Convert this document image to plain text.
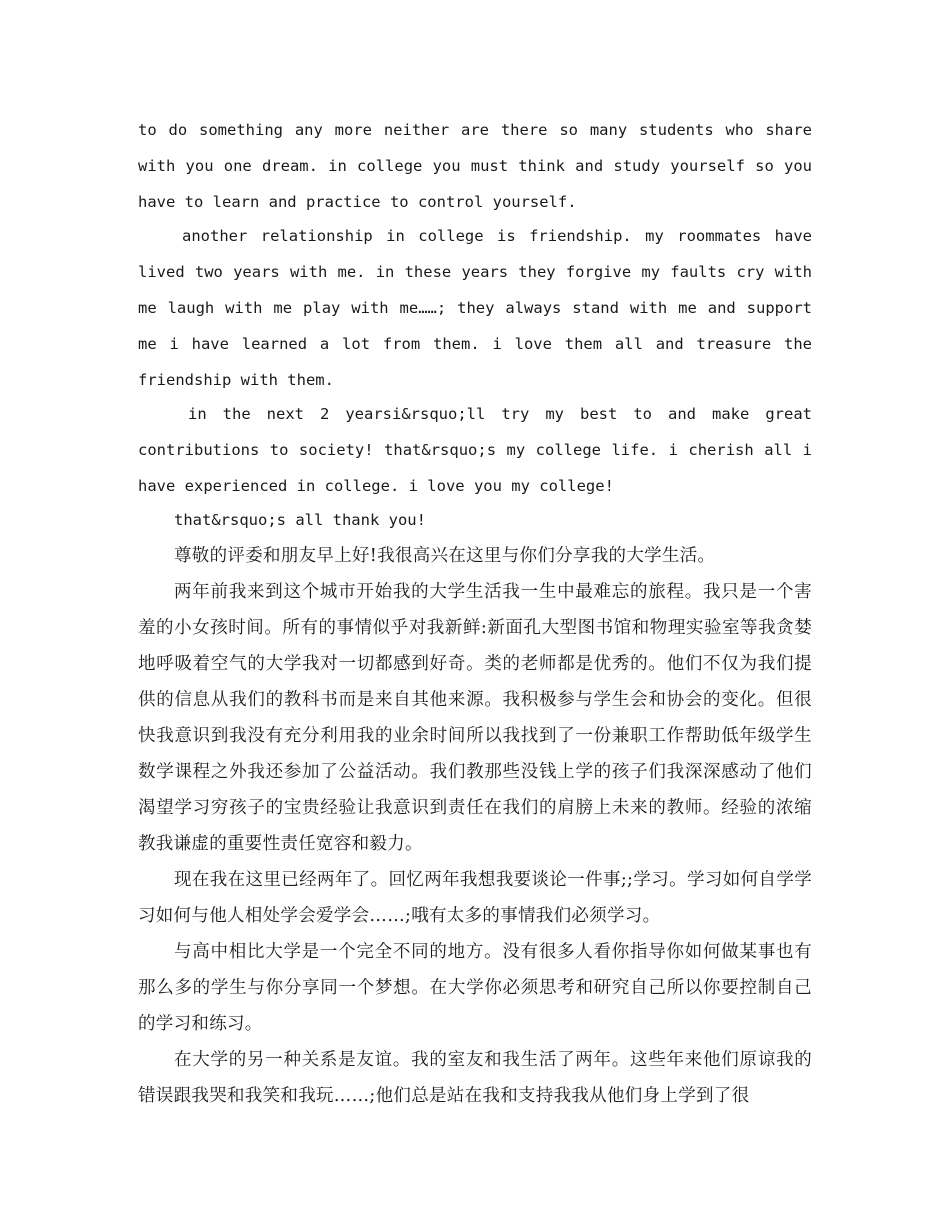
to do something any more neither are there so many students who share with you one dream. in college you must think and study yourself so you have to learn and practice to control yourself.

another relationship in college is friendship. my roommates have lived two years with me. in these years they forgive my faults cry with me laugh with me play with me……; they always stand with me and support me i have learned a lot from them. i love them all and treasure the friendship with them.

in the next 2 yearsi&rsquo;ll try my best to and make great contributions to society! that&rsquo;s my college life. i cherish all i have experienced in college. i love you my college!

that&rsquo;s all thank you!

尊敬的评委和朋友早上好!我很高兴在这里与你们分享我的大学生活。

两年前我来到这个城市开始我的大学生活我一生中最难忘的旅程。我只是一个害羞的小女孩时间。所有的事情似乎对我新鲜:新面孔大型图书馆和物理实验室等我贪婪地呼吸着空气的大学我对一切都感到好奇。类的老师都是优秀的。他们不仅为我们提供的信息从我们的教科书而是来自其他来源。我积极参与学生会和协会的变化。但很快我意识到我没有充分利用我的业余时间所以我找到了一份兼职工作帮助低年级学生数学课程之外我还参加了公益活动。我们教那些没钱上学的孩子们我深深感动了他们渴望学习穷孩子的宝贵经验让我意识到责任在我们的肩膀上未来的教师。经验的浓缩教我谦虚的重要性责任宽容和毅力。

现在我在这里已经两年了。回忆两年我想我要谈论一件事;;学习。学习如何自学学习如何与他人相处学会爱学会……;哦有太多的事情我们必须学习。

与高中相比大学是一个完全不同的地方。没有很多人看你指导你如何做某事也有那么多的学生与你分享同一个梦想。在大学你必须思考和研究自己所以你要控制自己的学习和练习。

在大学的另一种关系是友谊。我的室友和我生活了两年。这些年来他们原谅我的错误跟我哭和我笑和我玩……;他们总是站在我和支持我我从他们身上学到了很
